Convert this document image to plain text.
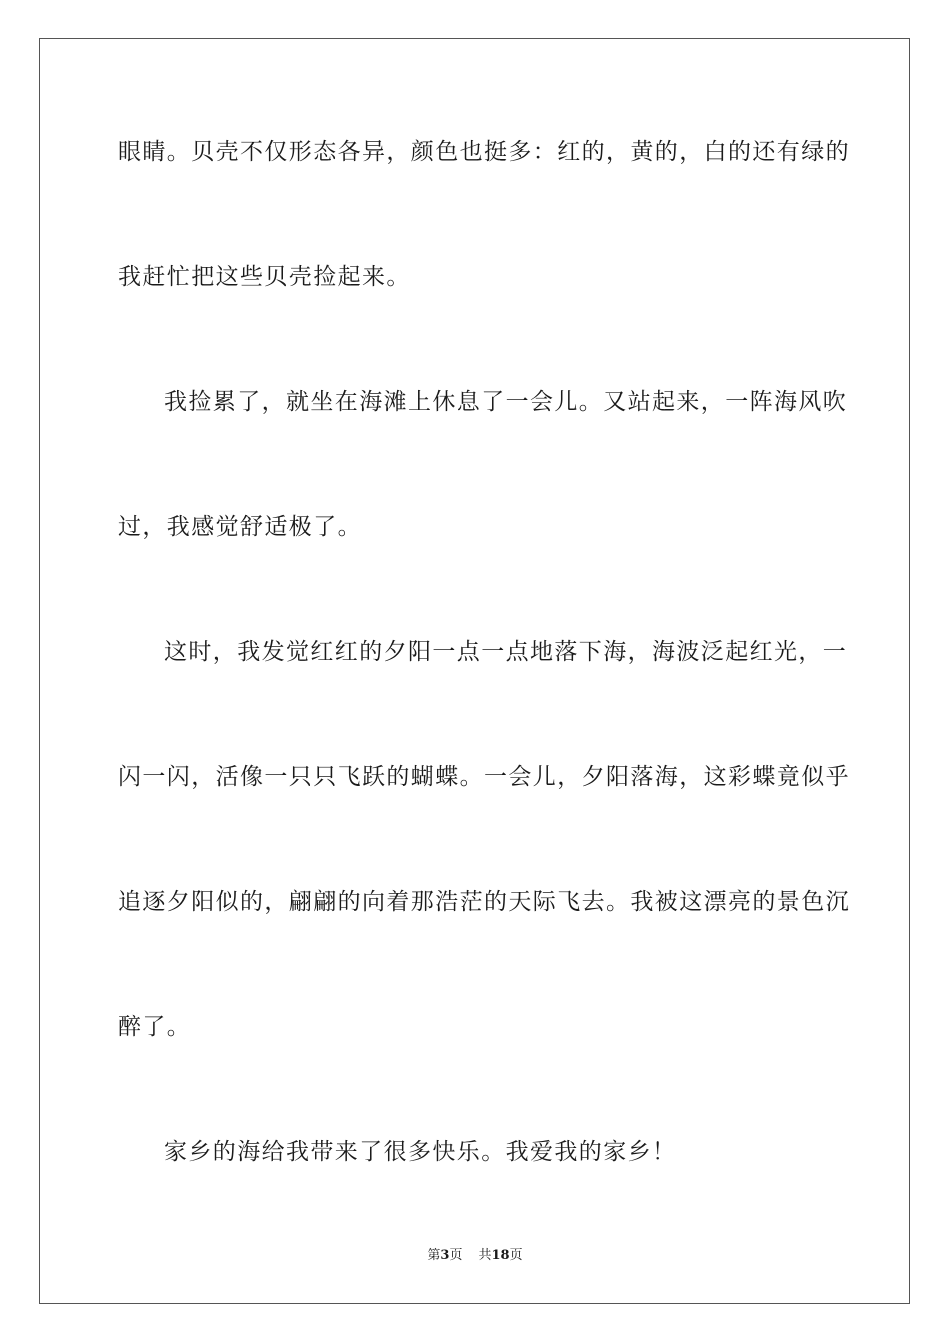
眼睛。贝壳不仅形态各异，颜色也挺多：红的，黄的，白的还有绿的
我赶忙把这些贝壳捡起来。
我捡累了，就坐在海滩上休息了一会儿。又站起来，一阵海风吹
过，我感觉舒适极了。
这时，我发觉红红的夕阳一点一点地落下海，海波泛起红光，一
闪一闪，活像一只只飞跃的蝴蝶。一会儿，夕阳落海，这彩蝶竟似乎
追逐夕阳似的，翩翩的向着那浩茫的天际飞去。我被这漂亮的景色沉
醉了。
家乡的海给我带来了很多快乐。我爱我的家乡！
第3页 共18页
